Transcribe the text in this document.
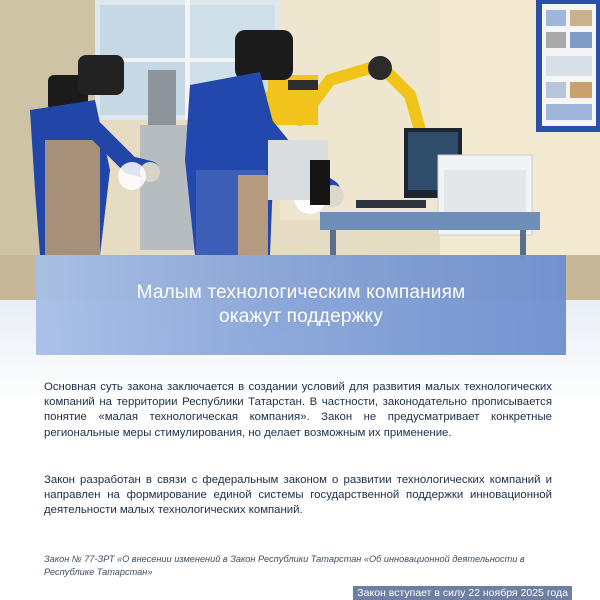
Малым технологическим компаниям
окажут поддержку

Основная суть закона заключается в создании условий для развития малых технологических компаний на территории Республики Татарстан. В частности, законодательно прописывается понятие «малая технологическая компания». Закон не предусматривает конкретные региональные меры стимулирования, но делает возможным их применение.

Закон разработан в связи с федеральным законом о развитии технологических компаний и направлен на формирование единой системы государственной поддержки инновационной деятельности малых технологических компаний.

Закон № 77-ЗРТ «О внесении изменений в Закон Республики Татарстан «Об инновационной деятельности в Республике Татарстан»

Закон вступает в силу 22 ноября 2025 года
